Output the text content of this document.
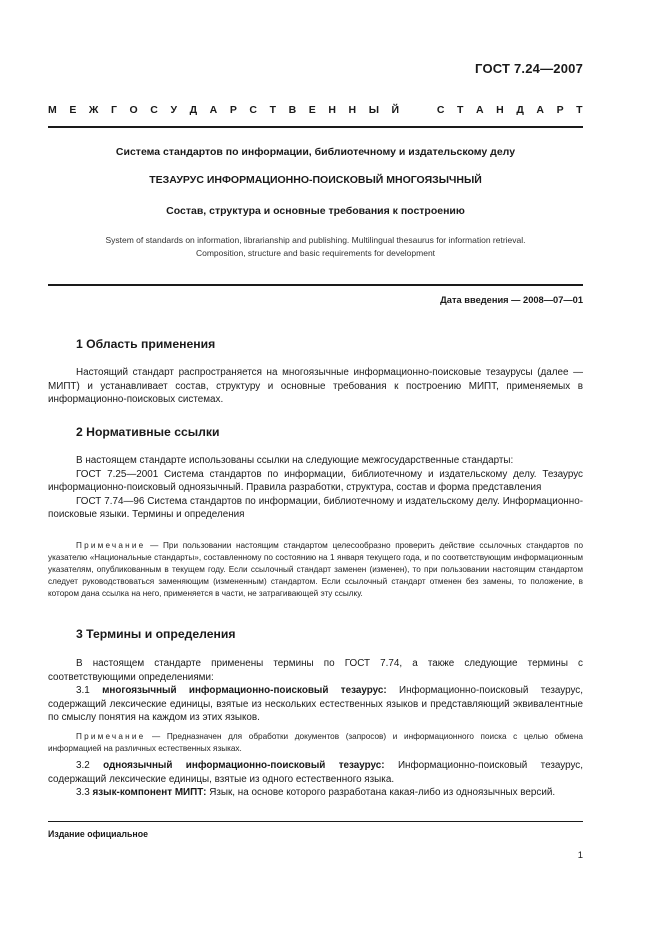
ГОСТ 7.24—2007
М Е Ж Г О С У Д А Р С Т В Е Н Н Ы Й	С Т А Н Д А Р Т
Система стандартов по информации, библиотечному и издательскому делу
ТЕЗАУРУС ИНФОРМАЦИОННО-ПОИСКОВЫЙ МНОГОЯЗЫЧНЫЙ
Состав, структура и основные требования к построению
System of standards on information, librarianship and publishing. Multilingual thesaurus for information retrieval.
Composition, structure and basic requirements for development
Дата введения — 2008—07—01
1 Область применения

Настоящий стандарт распространяется на многоязычные информационно-поисковые тезаурусы (далее — МИПТ) и устанавливает состав, структуру и основные требования к построению МИПТ, применяемых в информационно-поисковых системах.

2 Нормативные ссылки

В настоящем стандарте использованы ссылки на следующие межгосударственные стандарты:

ГОСТ 7.25—2001 Система стандартов по информации, библиотечному и издательскому делу. Тезаурус информационно-поисковый одноязычный. Правила разработки, структура, состав и форма представления

ГОСТ 7.74—96 Система стандартов по информации, библиотечному и издательскому делу. Информационно-поисковые языки. Термины и определения

Примечание — При пользовании настоящим стандартом целесообразно проверить действие ссылочных стандартов по указателю «Национальные стандарты», составленному по состоянию на 1 января текущего года, и по соответствующим информационным указателям, опубликованным в текущем году. Если ссылочный стандарт заменен (изменен), то при пользовании настоящим стандартом следует руководствоваться заменяющим (измененным) стандартом. Если ссылочный стандарт отменен без замены, то положение, в котором дана ссылка на него, применяется в части, не затрагивающей эту ссылку.

3 Термины и определения

В настоящем стандарте применены термины по ГОСТ 7.74, а также следующие термины с соответствующими определениями:

3.1 многоязычный информационно-поисковый тезаурус: Информационно-поисковый тезаурус, содержащий лексические единицы, взятые из нескольких естественных языков и представляющий эквивалентные по смыслу понятия на каждом из этих языков.

Примечание — Предназначен для обработки документов (запросов) и информационного поиска с целью обмена информацией на различных естественных языках.

3.2 одноязычный информационно-поисковый тезаурус: Информационно-поисковый тезаурус, содержащий лексические единицы, взятые из одного естественного языка.

3.3 язык-компонент МИПТ: Язык, на основе которого разработана какая-либо из одноязычных версий.

Издание официальное
1
